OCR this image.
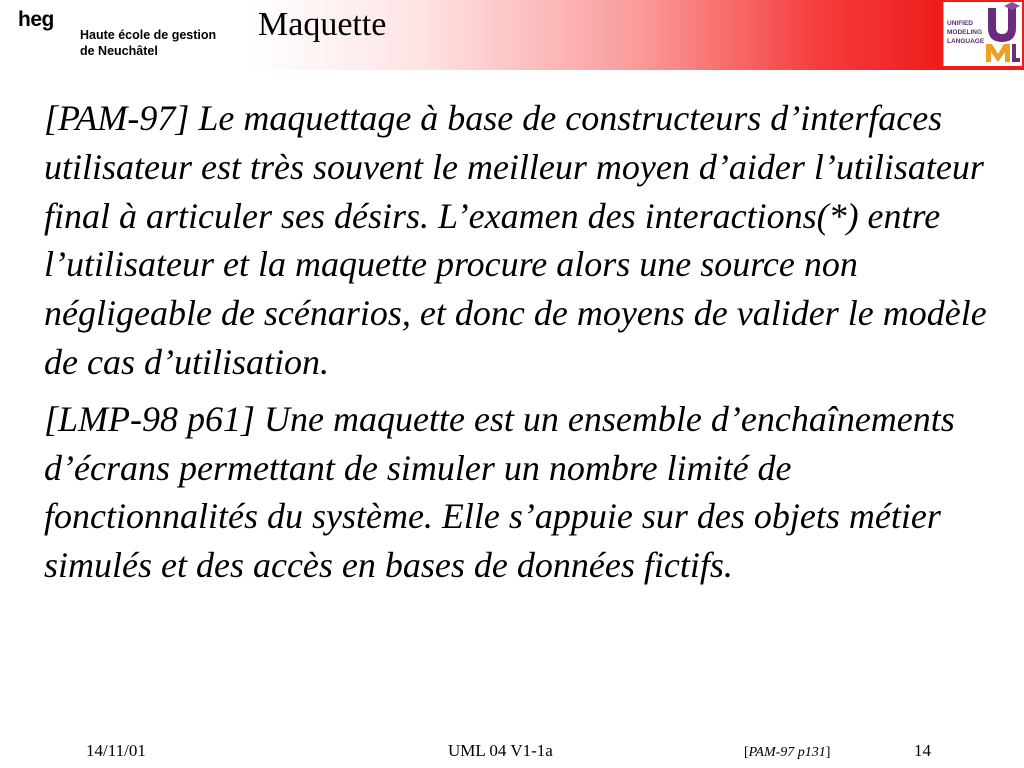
heg
Haute école de gestion
de Neuchâtel
Maquette	UNIFIED
MODELING
LANGUAGE

[PAM-97] Le maquettage à base de constructeurs d’interfaces utilisateur est très souvent le meilleur moyen d’aider l’utilisateur final à articuler ses désirs. L’examen des interactions(*) entre l’utilisateur et la maquette procure alors une source non négligeable de scénarios, et donc de moyens de valider le modèle de cas d’utilisation.

[LMP-98 p61] Une maquette est un ensemble d’enchaînements d’écrans permettant de simuler un nombre limité de fonctionnalités du système. Elle s’appuie sur des objets métier simulés et des accès en bases de données fictifs.

14/11/01	UML 04 V1-1a	[PAM-97 p131]	14
